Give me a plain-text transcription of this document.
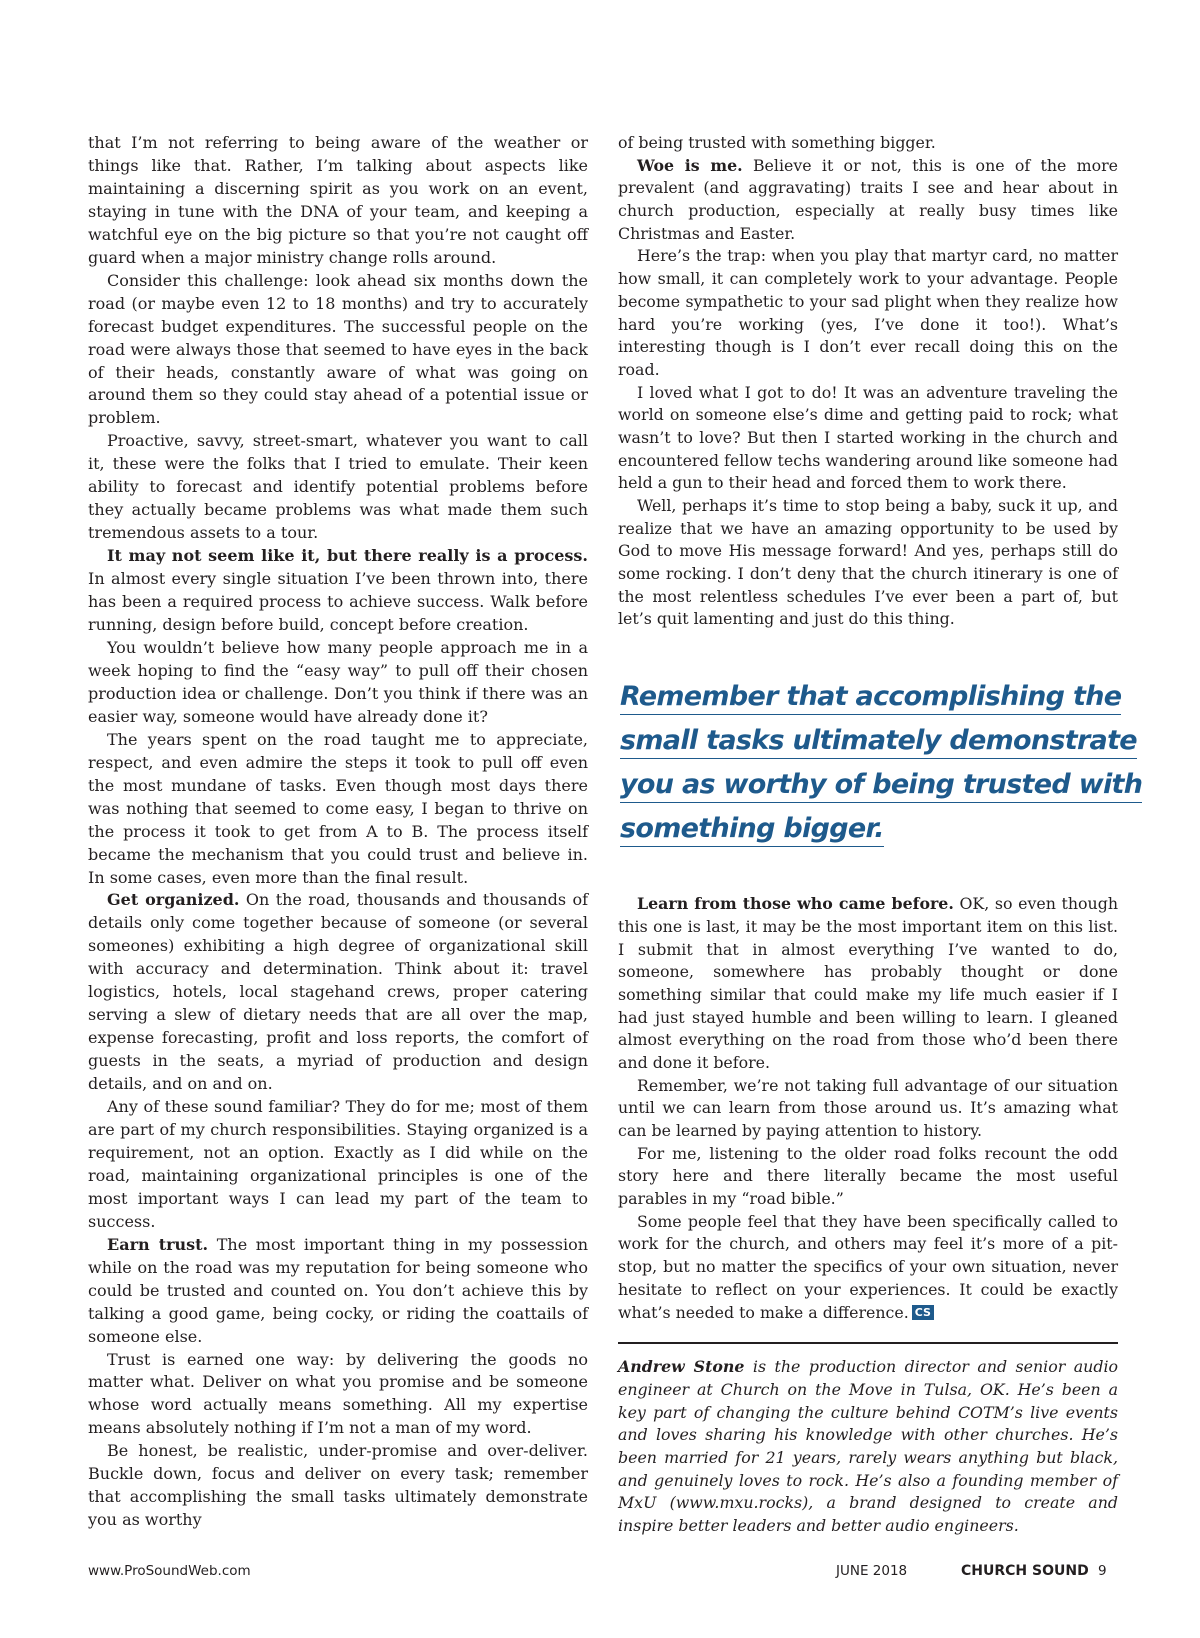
that I’m not referring to being aware of the weather or things like that. Rather, I’m talking about aspects like maintaining a discerning spirit as you work on an event, staying in tune with the DNA of your team, and keeping a watchful eye on the big picture so that you’re not caught off guard when a major ministry change rolls around.

Consider this challenge: look ahead six months down the road (or maybe even 12 to 18 months) and try to accurately forecast budget expenditures. The successful people on the road were always those that seemed to have eyes in the back of their heads, constantly aware of what was going on around them so they could stay ahead of a potential issue or problem.

Proactive, savvy, street-smart, whatever you want to call it, these were the folks that I tried to emulate. Their keen ability to forecast and identify potential problems before they actually became problems was what made them such tremendous assets to a tour.

It may not seem like it, but there really is a process. In almost every single situation I’ve been thrown into, there has been a required process to achieve success. Walk before running, design before build, concept before creation.

You wouldn’t believe how many people approach me in a week hoping to find the “easy way” to pull off their chosen production idea or challenge. Don’t you think if there was an easier way, someone would have already done it?

The years spent on the road taught me to appreciate, respect, and even admire the steps it took to pull off even the most mundane of tasks. Even though most days there was nothing that seemed to come easy, I began to thrive on the process it took to get from A to B. The process itself became the mechanism that you could trust and believe in. In some cases, even more than the final result.

Get organized. On the road, thousands and thousands of details only come together because of someone (or several someones) exhibiting a high degree of organizational skill with accuracy and determination. Think about it: travel logistics, hotels, local stagehand crews, proper catering serving a slew of dietary needs that are all over the map, expense forecasting, profit and loss reports, the comfort of guests in the seats, a myriad of production and design details, and on and on.

Any of these sound familiar? They do for me; most of them are part of my church responsibilities. Staying organized is a requirement, not an option. Exactly as I did while on the road, maintaining organizational principles is one of the most important ways I can lead my part of the team to success.

Earn trust. The most important thing in my possession while on the road was my reputation for being someone who could be trusted and counted on. You don’t achieve this by talking a good game, being cocky, or riding the coattails of someone else.

Trust is earned one way: by delivering the goods no matter what. Deliver on what you promise and be someone whose word actually means something. All my expertise means absolutely nothing if I’m not a man of my word.

Be honest, be realistic, under-promise and over-deliver. Buckle down, focus and deliver on every task; remember that accomplishing the small tasks ultimately demonstrate you as worthy

of being trusted with something bigger.

Woe is me. Believe it or not, this is one of the more prevalent (and aggravating) traits I see and hear about in church production, especially at really busy times like Christmas and Easter.

Here’s the trap: when you play that martyr card, no matter how small, it can completely work to your advantage. People become sympathetic to your sad plight when they realize how hard you’re working (yes, I’ve done it too!). What’s interesting though is I don’t ever recall doing this on the road.

I loved what I got to do! It was an adventure traveling the world on someone else’s dime and getting paid to rock; what wasn’t to love? But then I started working in the church and encountered fellow techs wandering around like someone had held a gun to their head and forced them to work there.

Well, perhaps it’s time to stop being a baby, suck it up, and realize that we have an amazing opportunity to be used by God to move His message forward! And yes, perhaps still do some rocking. I don’t deny that the church itinerary is one of the most relentless schedules I’ve ever been a part of, but let’s quit lamenting and just do this thing.

Remember that accomplishing the
small tasks ultimately demonstrate
you as worthy of being trusted with
something bigger.

Learn from those who came before. OK, so even though this one is last, it may be the most important item on this list. I submit that in almost everything I’ve wanted to do, someone, somewhere has probably thought or done something similar that could make my life much easier if I had just stayed humble and been willing to learn. I gleaned almost everything on the road from those who’d been there and done it before.

Remember, we’re not taking full advantage of our situation until we can learn from those around us. It’s amazing what can be learned by paying attention to history.

For me, listening to the older road folks recount the odd story here and there literally became the most useful parables in my “road bible.”

Some people feel that they have been specifically called to work for the church, and others may feel it’s more of a pit-stop, but no matter the specifics of your own situation, never hesitate to reflect on your experiences. It could be exactly what’s needed to make a difference. CS

Andrew Stone is the production director and senior audio engineer at Church on the Move in Tulsa, OK. He’s been a key part of changing the culture behind COTM’s live events and loves sharing his knowledge with other churches. He’s been married for 21 years, rarely wears anything but black, and genuinely loves to rock. He’s also a founding member of MxU (www.mxu.rocks), a brand designed to create and inspire better leaders and better audio engineers.

www.ProSoundWeb.com	JUNE 2018	CHURCH SOUND 9
